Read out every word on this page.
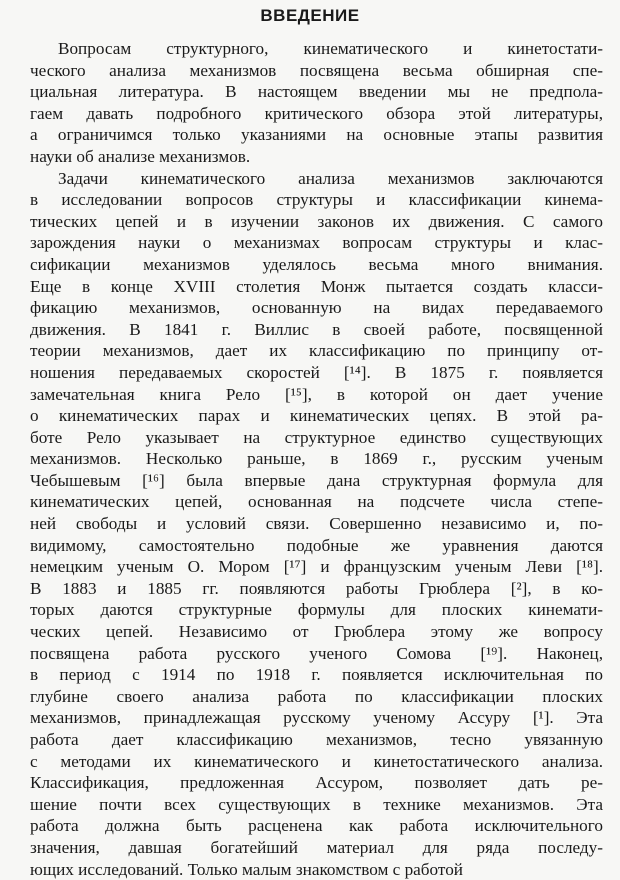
ВВЕДЕНИЕ
Вопросам структурного, кинематического и кинетостати-
ческого анализа механизмов посвящена весьма обширная спе-
циальная литература. В настоящем введении мы не предпола-
гаем давать подробного критического обзора этой литературы,
а ограничимся только указаниями на основные этапы развития
науки об анализе механизмов.
Задачи кинематического анализа механизмов заключаются
в исследовании вопросов структуры и классификации кинема-
тических цепей и в изучении законов их движения. С самого
зарождения науки о механизмах вопросам структуры и клас-
сификации механизмов уделялось весьма много внимания.
Еще в конце XVIII столетия Монж пытается создать класси-
фикацию механизмов, основанную на видах передаваемого
движения. В 1841 г. Виллис в своей работе, посвященной
теории механизмов, дает их классификацию по принципу от-
ношения передаваемых скоростей [¹⁴]. В 1875 г. появляется
замечательная книга Рело [¹⁵], в которой он дает учение
о кинематических парах и кинематических цепях. В этой ра-
боте Рело указывает на структурное единство существующих
механизмов. Несколько раньше, в 1869 г., русским ученым
Чебышевым [¹⁶] была впервые дана структурная формула для
кинематических цепей, основанная на подсчете числа степе-
ней свободы и условий связи. Совершенно независимо и, по-
видимому, самостоятельно подобные же уравнения даются
немецким ученым О. Мором [¹⁷] и французским ученым Леви [¹⁸].
В 1883 и 1885 гг. появляются работы Грюблера [²], в ко-
торых даются структурные формулы для плоских кинемати-
ческих цепей. Независимо от Грюблера этому же вопросу
посвящена работа русского ученого Сомова [¹⁹]. Наконец,
в период с 1914 по 1918 г. появляется исключительная по
глубине своего анализа работа по классификации плоских
механизмов, принадлежащая русскому ученому Ассуру [¹]. Эта
работа дает классификацию механизмов, тесно увязанную
с методами их кинематического и кинетостатического анализа.
Классификация, предложенная Ассуром, позволяет дать ре-
шение почти всех существующих в технике механизмов. Эта
работа должна быть расценена как работа исключительного
значения, давшая богатейший материал для ряда последу-
ющих исследований. Только малым знакомством с работой
